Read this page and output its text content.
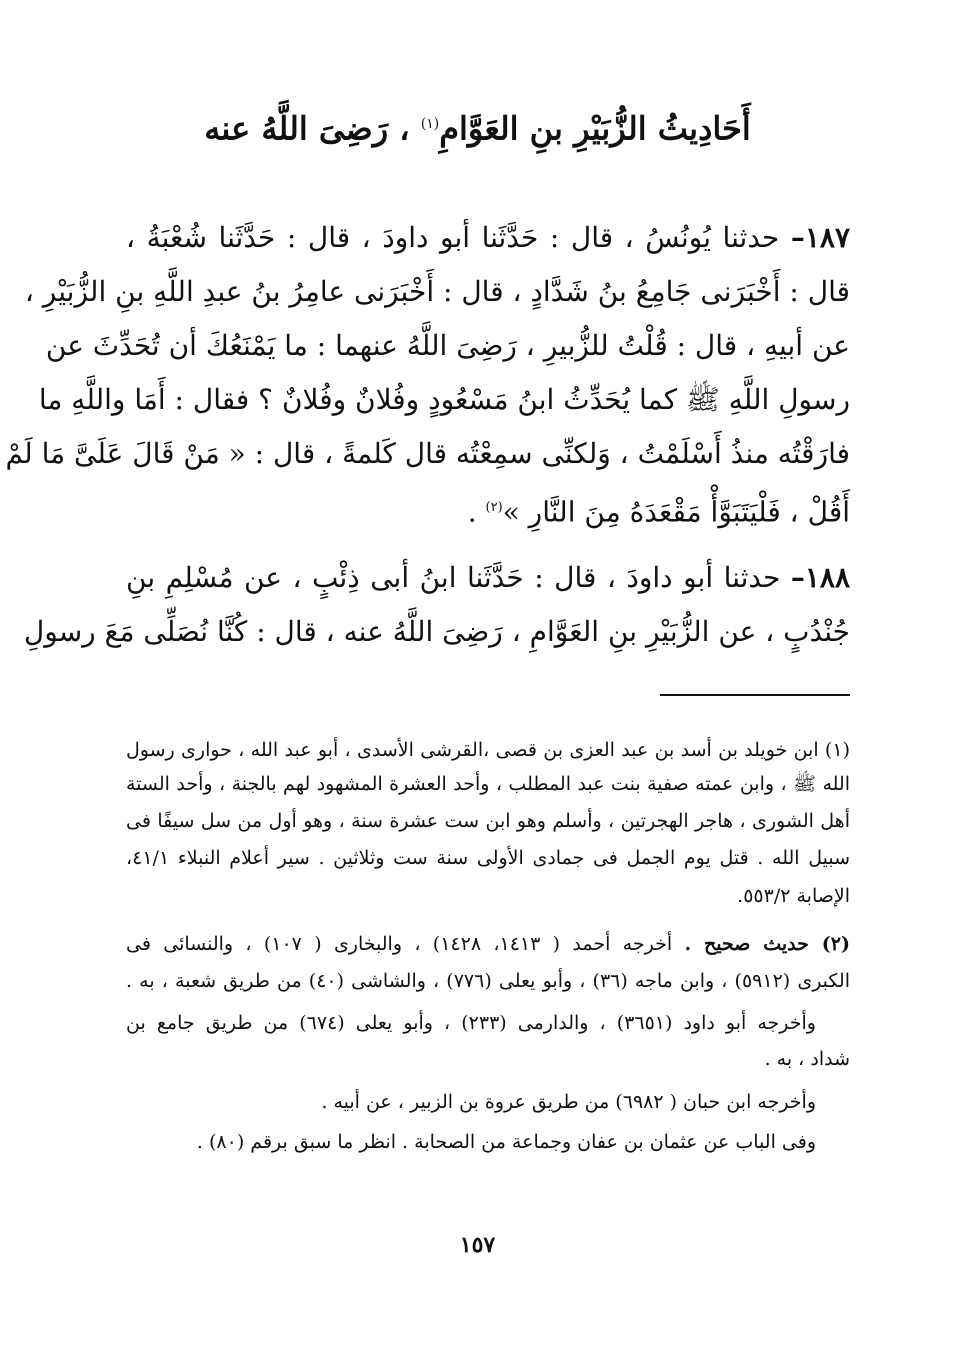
أَحَادِيثُ الزُّبَيْرِ بنِ العَوَّامِ$^{(١)}$ ، رَضِىَ اللَّهُ عنه
١٨٧– حدثنا يُونُسُ ، قال : حَدَّثَنا أبو داودَ ، قال : حَدَّثَنا شُعْبَةُ ،
قال : أَخْبَرَنى جَامِعُ بنُ شَدَّادٍ ، قال : أَخْبَرَنى عامِرُ بنُ عبدِ اللَّهِ بنِ الزُّبَيْرِ ،
عن أبيهِ ، قال : قُلْتُ للزُّبيرِ ، رَضِىَ اللَّهُ عنهما : ما يَمْنَعُكَ أن تُحَدِّثَ عن
رسولِ اللَّهِ ﷺ كما يُحَدِّثُ ابنُ مَسْعُودٍ وفُلانٌ وفُلانٌ ؟ فقال : أَمَا واللَّهِ ما
فارَقْتُه منذُ أَسْلَمْتُ ، وَلكنِّى سمِعْتُه قال كَلمةً ، قال : « مَنْ قَالَ عَلَىَّ مَا لَمْ
أَقُلْ ، فَلْيَتَبَوَّأْ مَقْعَدَهُ مِنَ النَّارِ »$^{(٢)}$ .
١٨٨– حدثنا أبو داودَ ، قال : حَدَّثَنا ابنُ أبى ذِئْبٍ ، عن مُسْلِمِ بنِ
جُنْدُبٍ ، عن الزُّبَيْرِ بنِ العَوَّامِ ، رَضِىَ اللَّهُ عنه ، قال : كُنَّا نُصَلِّى مَعَ رسولِ
(١) ابن خويلد بن أسد بن عبد العزى بن قصى ،القرشى الأسدى ، أبو عبد الله ، حوارى رسول
الله ﷺ ، وابن عمته صفية بنت عبد المطلب ، وأحد العشرة المشهود لهم بالجنة ، وأحد الستة
أهل الشورى ، هاجر الهجرتين ، وأسلم وهو ابن ست عشرة سنة ، وهو أول من سل سيفًا فى
سبيل الله . قتل يوم الجمل فى جمادى الأولى سنة ست وثلاثين . سير أعلام النبلاء ٤١/١،
الإصابة ٥٥٣/٢.
(٢) حديث صحيح . أخرجه أحمد ( ١٤١٣، ١٤٢٨) ، والبخارى ( ١٠٧) ، والنسائى فى
الكبرى (٥٩١٢) ، وابن ماجه (٣٦) ، وأبو يعلى (٧٧٦) ، والشاشى (٤٠) من طريق شعبة ، به .
وأخرجه أبو داود (٣٦٥١) ، والدارمى (٢٣٣) ، وأبو يعلى (٦٧٤) من طريق جامع بن
شداد ، به .
وأخرجه ابن حبان ( ٦٩٨٢) من طريق عروة بن الزبير ، عن أبيه .
وفى الباب عن عثمان بن عفان وجماعة من الصحابة . انظر ما سبق برقم (٨٠) .
١٥٧
